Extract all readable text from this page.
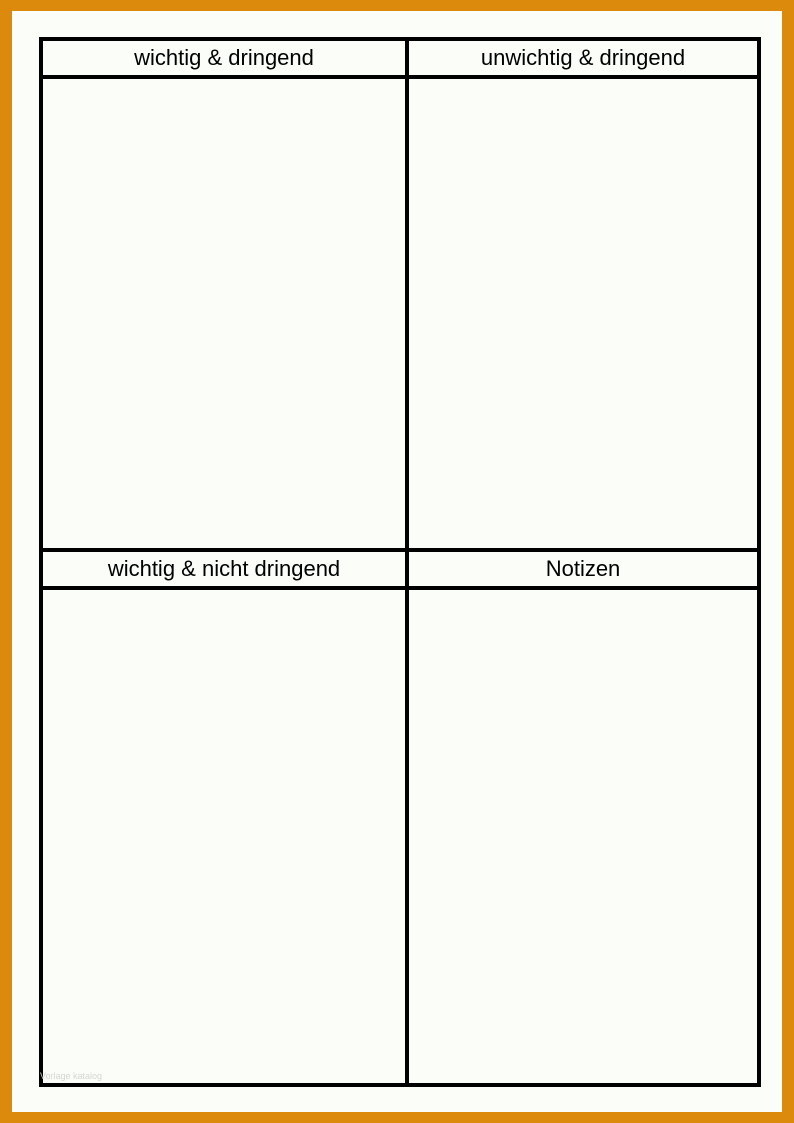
wichtig & dringend	unwichtig & dringend
wichtig & nicht dringend	Notizen
Vorlage katalog
